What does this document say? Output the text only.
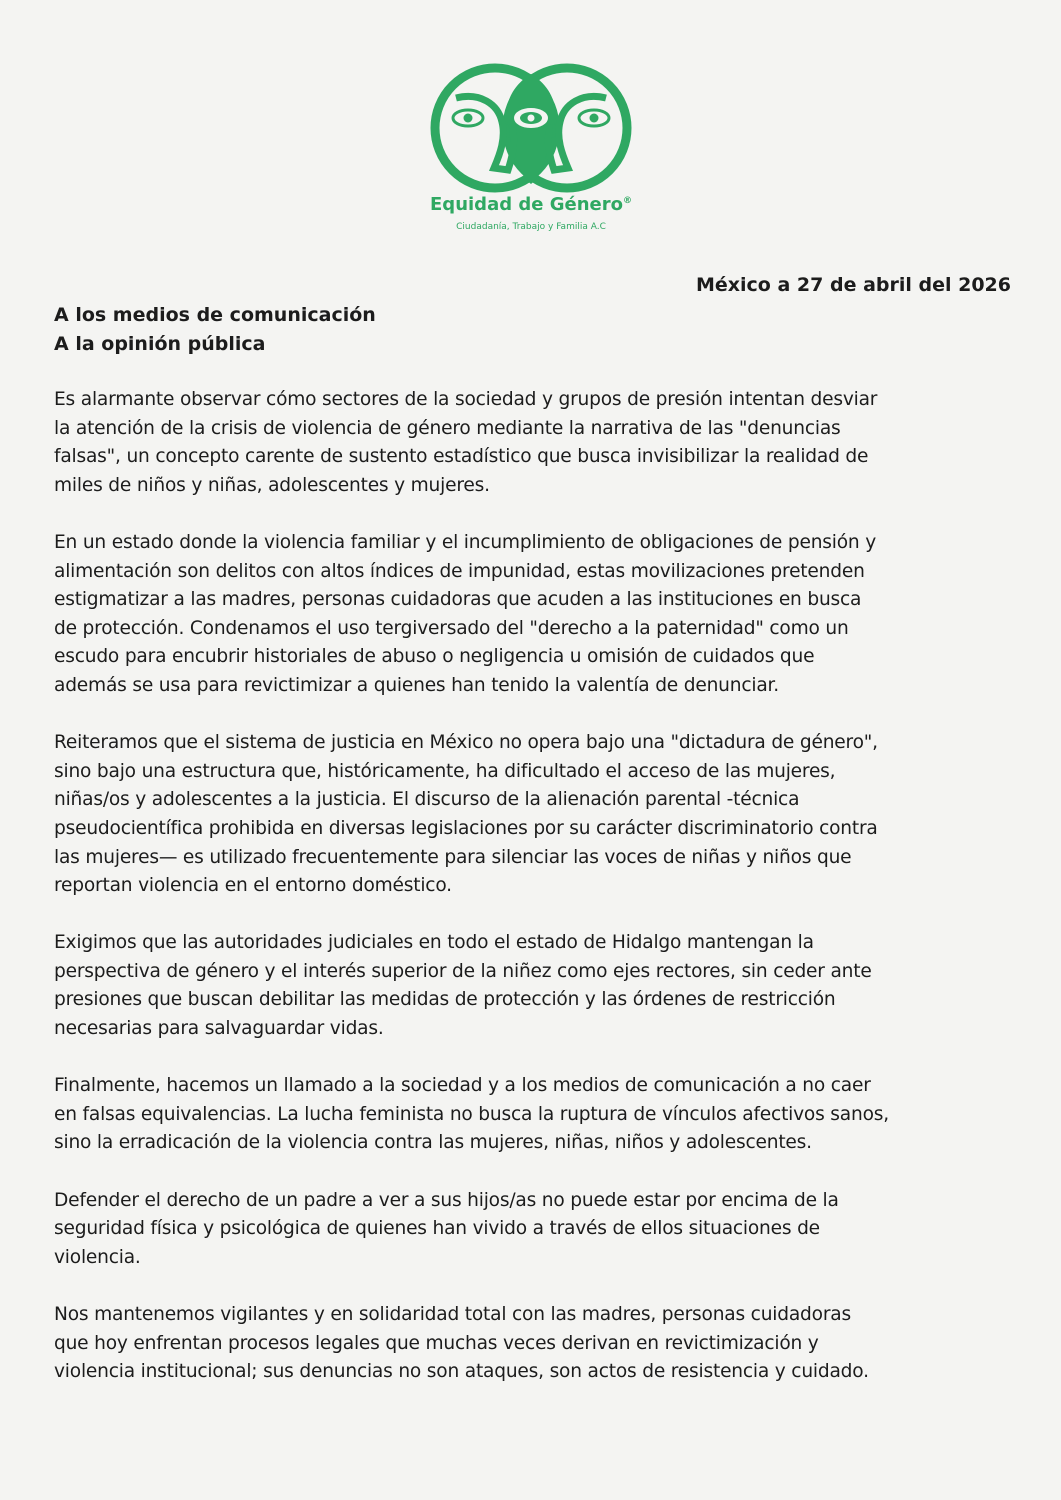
Equidad de Género®
Ciudadanía, Trabajo y Familia A.C
México a 27 de abril del 2026
A los medios de comunicación
A la opinión pública

Es alarmante observar cómo sectores de la sociedad y grupos de presión intentan desviar
la atención de la crisis de violencia de género mediante la narrativa de las "denuncias
falsas", un concepto carente de sustento estadístico que busca invisibilizar la realidad de
miles de niños y niñas, adolescentes y mujeres.

En un estado donde la violencia familiar y el incumplimiento de obligaciones de pensión y
alimentación son delitos con altos índices de impunidad, estas movilizaciones pretenden
estigmatizar a las madres, personas cuidadoras que acuden a las instituciones en busca
de protección. Condenamos el uso tergiversado del "derecho a la paternidad" como un
escudo para encubrir historiales de abuso o negligencia u omisión de cuidados que
además se usa para revictimizar a quienes han tenido la valentía de denunciar.

Reiteramos que el sistema de justicia en México no opera bajo una "dictadura de género",
sino bajo una estructura que, históricamente, ha dificultado el acceso de las mujeres,
niñas/os y adolescentes a la justicia. El discurso de la alienación parental -técnica
pseudocientífica prohibida en diversas legislaciones por su carácter discriminatorio contra
las mujeres— es utilizado frecuentemente para silenciar las voces de niñas y niños que
reportan violencia en el entorno doméstico.

Exigimos que las autoridades judiciales en todo el estado de Hidalgo mantengan la
perspectiva de género y el interés superior de la niñez como ejes rectores, sin ceder ante
presiones que buscan debilitar las medidas de protección y las órdenes de restricción
necesarias para salvaguardar vidas.

Finalmente, hacemos un llamado a la sociedad y a los medios de comunicación a no caer
en falsas equivalencias. La lucha feminista no busca la ruptura de vínculos afectivos sanos,
sino la erradicación de la violencia contra las mujeres, niñas, niños y adolescentes.

Defender el derecho de un padre a ver a sus hijos/as no puede estar por encima de la
seguridad física y psicológica de quienes han vivido a través de ellos situaciones de
violencia.

Nos mantenemos vigilantes y en solidaridad total con las madres, personas cuidadoras
que hoy enfrentan procesos legales que muchas veces derivan en revictimización y
violencia institucional; sus denuncias no son ataques, son actos de resistencia y cuidado.
